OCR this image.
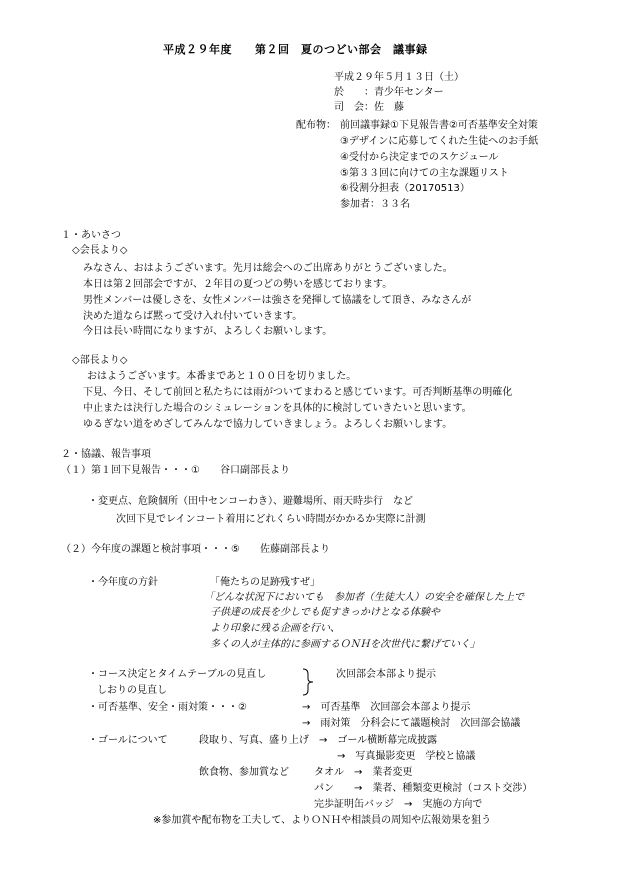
平成２９年度　　第２回　夏のつどい部会　議事録
平成２９年５月１３日（土）
於　　：青少年センター
司　会：佐　藤
配布物： 前回議事録①下見報告書②可否基準安全対策
③デザインに応募してくれた生徒へのお手紙
④受付から決定までのスケジュール
⑤第３３回に向けての主な課題リスト
⑥役割分担表（20170513）
参加者：３３名
１・あいさつ
◇会長より◇
みなさん、おはようございます。先月は総会へのご出席ありがとうございました。
本日は第２回部会ですが、２年目の夏つどの勢いを感じております。
男性メンバーは優しさを、女性メンバーは強さを発揮して協議をして頂き、みなさんが
決めた道ならば黙って受け入れ付いていきます。
今日は長い時間になりますが、よろしくお願いします。
◇部長より◇
おはようございます。本番まであと１００日を切りました。
下見、今日、そして前回と私たちには雨がついてまわると感じています。可否判断基準の明確化
中止または決行した場合のシミュレーションを具体的に検討していきたいと思います。
ゆるぎない道をめざしてみんなで協力していきましょう。よろしくお願いします。
２・協議、報告事項
（１）第１回下見報告・・・①　　谷口副部長より
・変更点、危険個所（田中センコーわき）、避難場所、雨天時歩行　など
次回下見でレインコート着用にどれくらい時間がかかるか実際に計測
（２）今年度の課題と検討事項・・・⑤　　佐藤副部長より
・今年度の方針	「俺たちの足跡残すぜ」
「どんな状況下においても　参加者（生徒大人）の安全を確保した上で
子供達の成長を少しでも促すきっかけとなる体験や
より印象に残る企画を行い、
多くの人が主体的に参画するＯＮＨを次世代に繋げていく」
・コース決定とタイムテーブルの見直し
しおりの見直し
次回部会本部より提示
・可否基準、安全・雨対策・・・②	→　可否基準　次回部会本部より提示
→　雨対策　分科会にて議題検討　次回部会協議
・ゴールについて	段取り、写真、盛り上げ　→　ゴール横断幕完成披露
→　写真撮影変更　学校と協議
飲食物、参加賞など	タオル　→　業者変更
パン　　→　業者、種類変更検討（コスト交渉）
完歩証明缶バッジ　→　実施の方向で
※参加賞や配布物を工夫して、よりＯＮＨや相談員の周知や広報効果を狙う
